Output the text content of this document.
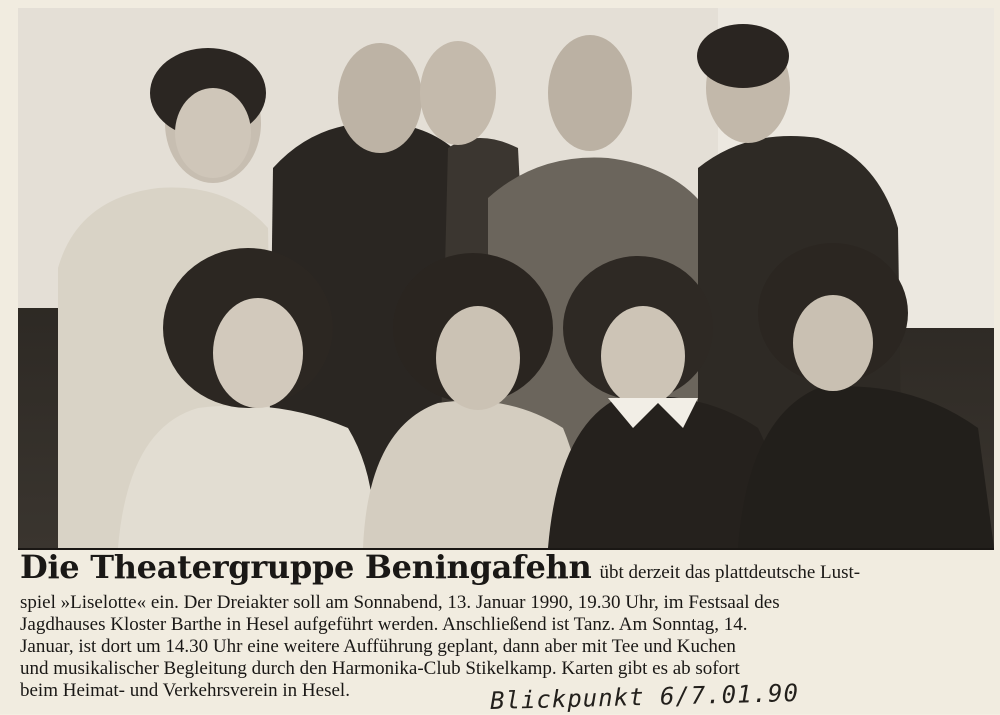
Die Theatergruppe Beningafehn übt derzeit das plattdeutsche Lust-

spiel »Liselotte« ein. Der Dreiakter soll am Sonnabend, 13. Januar 1990, 19.30 Uhr, im Festsaal des

Jagdhauses Kloster Barthe in Hesel aufgeführt werden. Anschließend ist Tanz. Am Sonntag, 14.

Januar, ist dort um 14.30 Uhr eine weitere Aufführung geplant, dann aber mit Tee und Kuchen

und musikalischer Begleitung durch den Harmonika-Club Stikelkamp. Karten gibt es ab sofort

beim Heimat- und Verkehrsverein in Hesel.	Blickpunkt 6/7.01.90
